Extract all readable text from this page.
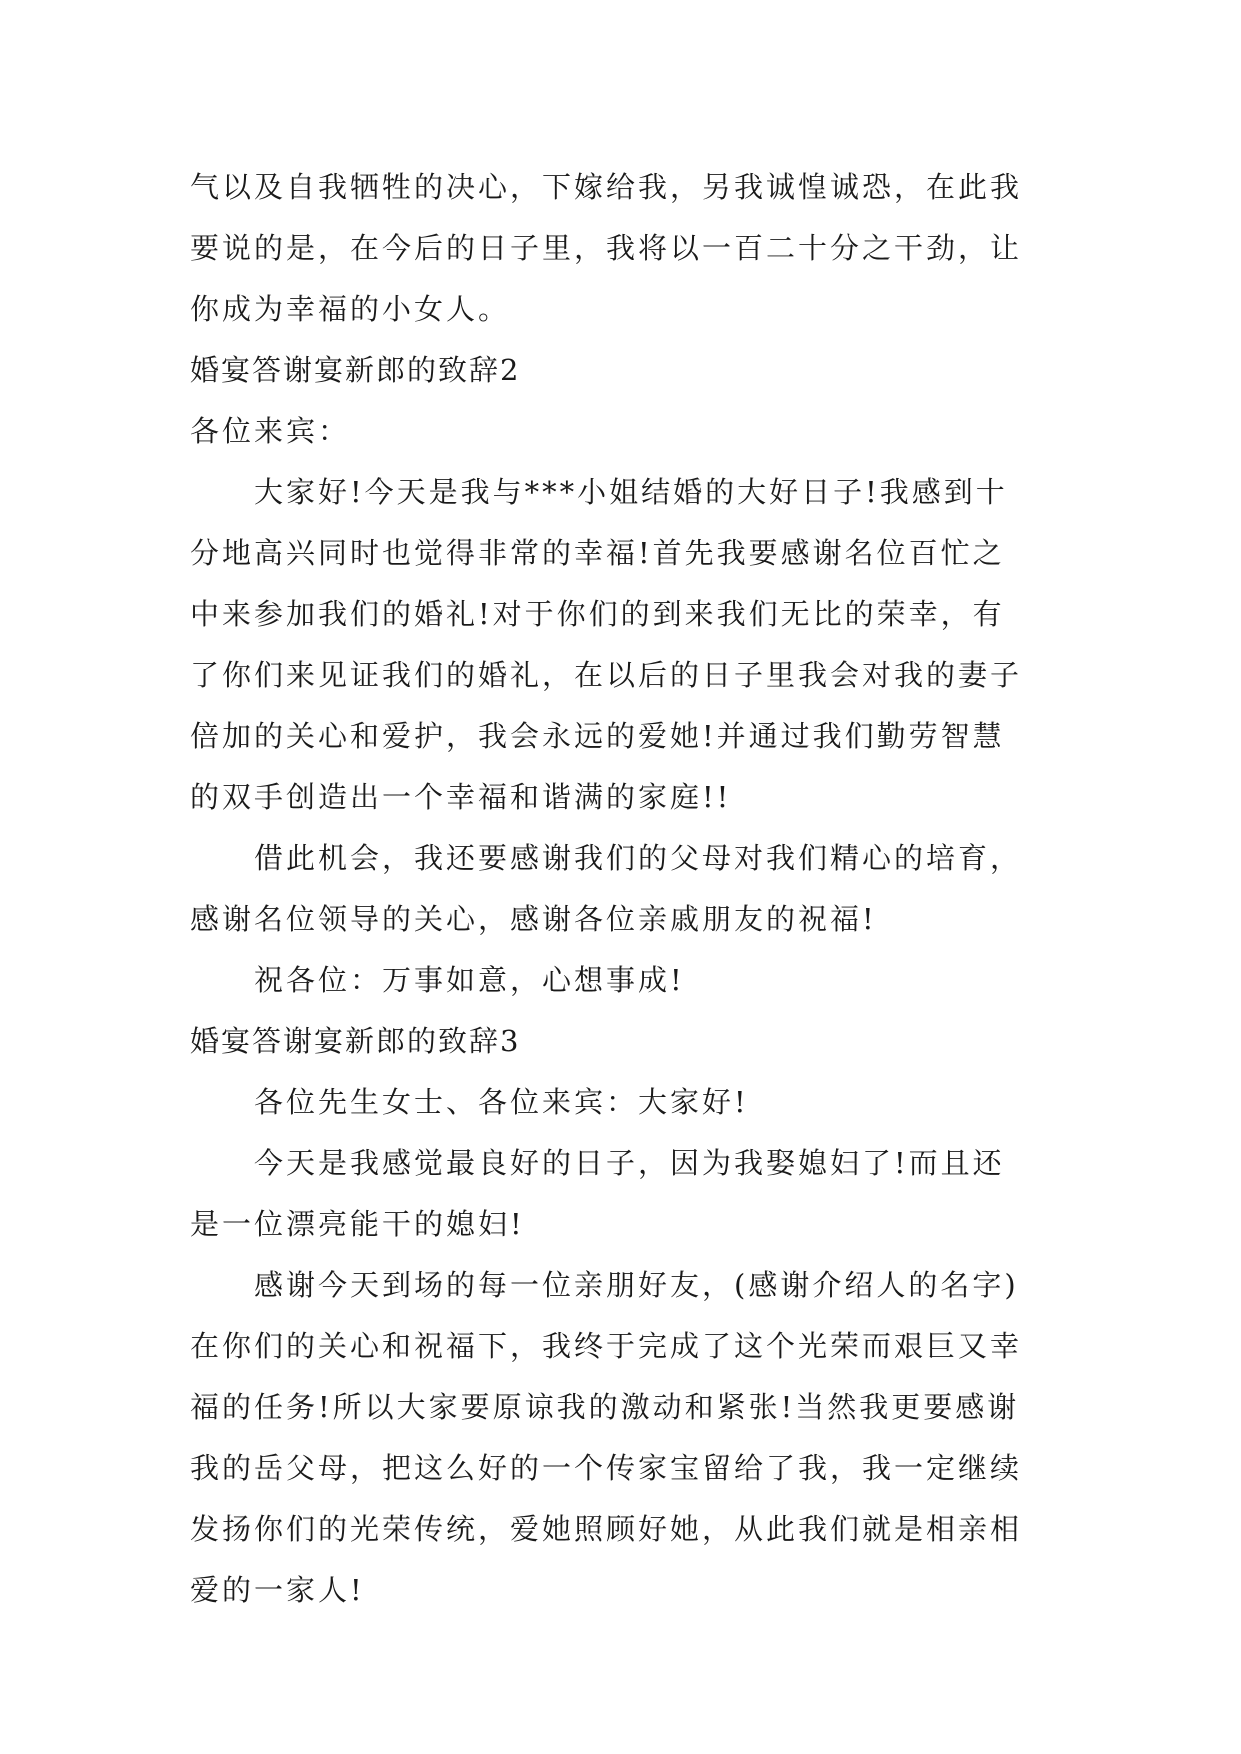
气以及自我牺牲的决心，下嫁给我，另我诚惶诚恐，在此我
要说的是，在今后的日子里，我将以一百二十分之干劲，让
你成为幸福的小女人。
婚宴答谢宴新郎的致辞2
各位来宾：
大家好!今天是我与***小姐结婚的大好日子!我感到十
分地高兴同时也觉得非常的幸福!首先我要感谢名位百忙之
中来参加我们的婚礼!对于你们的到来我们无比的荣幸，有
了你们来见证我们的婚礼，在以后的日子里我会对我的妻子
倍加的关心和爱护，我会永远的爱她!并通过我们勤劳智慧
的双手创造出一个幸福和谐满的家庭!!
借此机会，我还要感谢我们的父母对我们精心的培育，
感谢名位领导的关心，感谢各位亲戚朋友的祝福!
祝各位：万事如意，心想事成!
婚宴答谢宴新郎的致辞3
各位先生女士、各位来宾：大家好!
今天是我感觉最良好的日子，因为我娶媳妇了!而且还
是一位漂亮能干的媳妇!
感谢今天到场的每一位亲朋好友，(感谢介绍人的名字)
在你们的关心和祝福下，我终于完成了这个光荣而艰巨又幸
福的任务!所以大家要原谅我的激动和紧张!当然我更要感谢
我的岳父母，把这么好的一个传家宝留给了我，我一定继续
发扬你们的光荣传统，爱她照顾好她，从此我们就是相亲相
爱的一家人!
